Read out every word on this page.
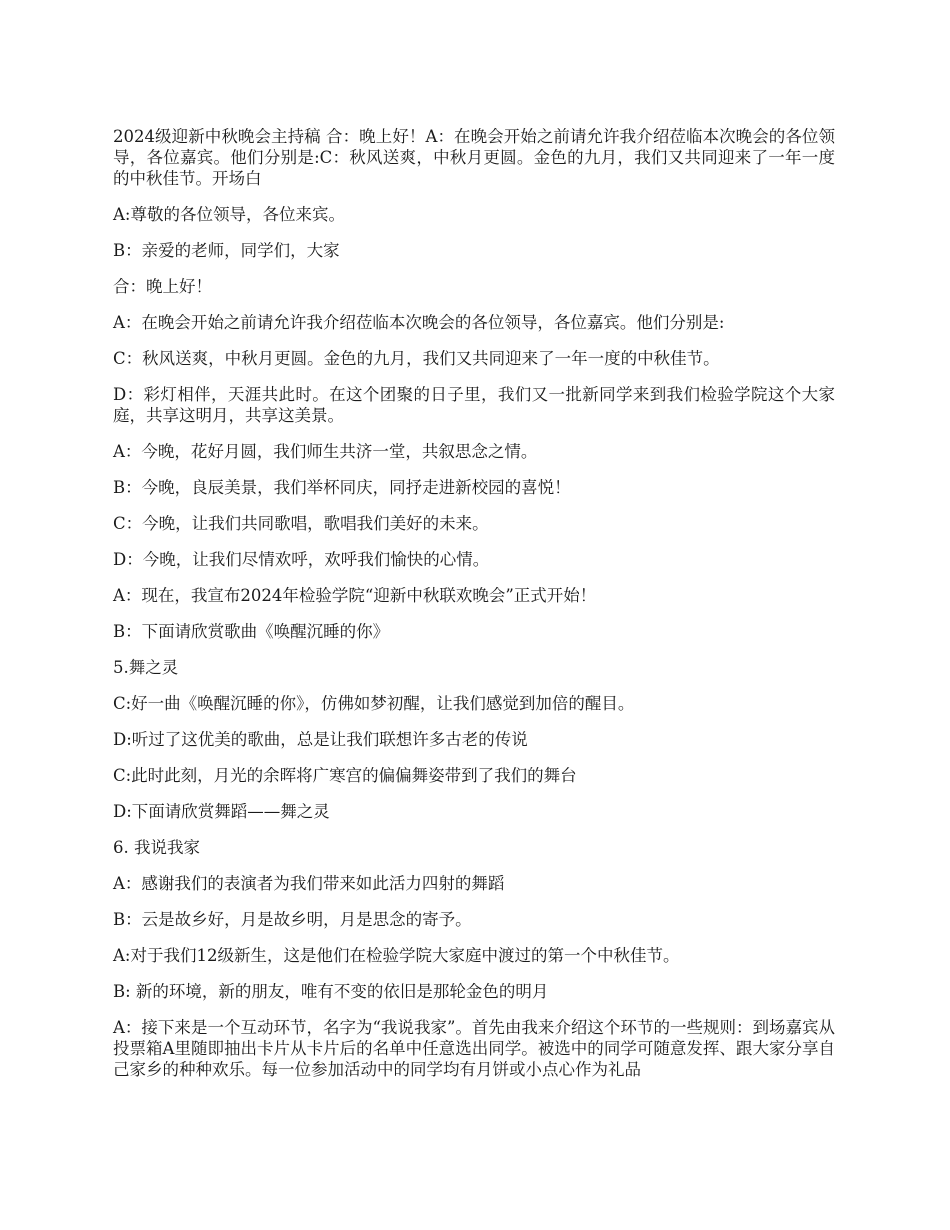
2024级迎新中秋晚会主持稿 合：晚上好！A：在晚会开始之前请允许我介绍莅临本次晚会的各位领导，各位嘉宾。他们分别是:C：秋风送爽，中秋月更圆。金色的九月，我们又共同迎来了一年一度的中秋佳节。开场白

A:尊敬的各位领导，各位来宾。

B：亲爱的老师，同学们，大家

合：晚上好！

A：在晚会开始之前请允许我介绍莅临本次晚会的各位领导，各位嘉宾。他们分别是:

C：秋风送爽，中秋月更圆。金色的九月，我们又共同迎来了一年一度的中秋佳节。

D：彩灯相伴，天涯共此时。在这个团聚的日子里，我们又一批新同学来到我们检验学院这个大家庭，共享这明月，共享这美景。

A：今晚，花好月圆，我们师生共济一堂，共叙思念之情。

B：今晚，良辰美景，我们举杯同庆，同抒走进新校园的喜悦！

C：今晚，让我们共同歌唱，歌唱我们美好的未来。

D：今晚，让我们尽情欢呼，欢呼我们愉快的心情。

A：现在，我宣布2024年检验学院“迎新中秋联欢晚会”正式开始！

B：下面请欣赏歌曲《唤醒沉睡的你》

5.舞之灵

C:好一曲《唤醒沉睡的你》，仿佛如梦初醒，让我们感觉到加倍的醒目。

D:听过了这优美的歌曲，总是让我们联想许多古老的传说

C:此时此刻，月光的余晖将广寒宫的偏偏舞姿带到了我们的舞台

D:下面请欣赏舞蹈——舞之灵

6. 我说我家

A：感谢我们的表演者为我们带来如此活力四射的舞蹈

B：云是故乡好，月是故乡明，月是思念的寄予。

A:对于我们12级新生，这是他们在检验学院大家庭中渡过的第一个中秋佳节。

B: 新的环境，新的朋友，唯有不变的依旧是那轮金色的明月

A：接下来是一个互动环节，名字为“我说我家”。首先由我来介绍这个环节的一些规则：到场嘉宾从投票箱A里随即抽出卡片从卡片后的名单中任意选出同学。被选中的同学可随意发挥、跟大家分享自己家乡的种种欢乐。每一位参加活动中的同学均有月饼或小点心作为礼品
